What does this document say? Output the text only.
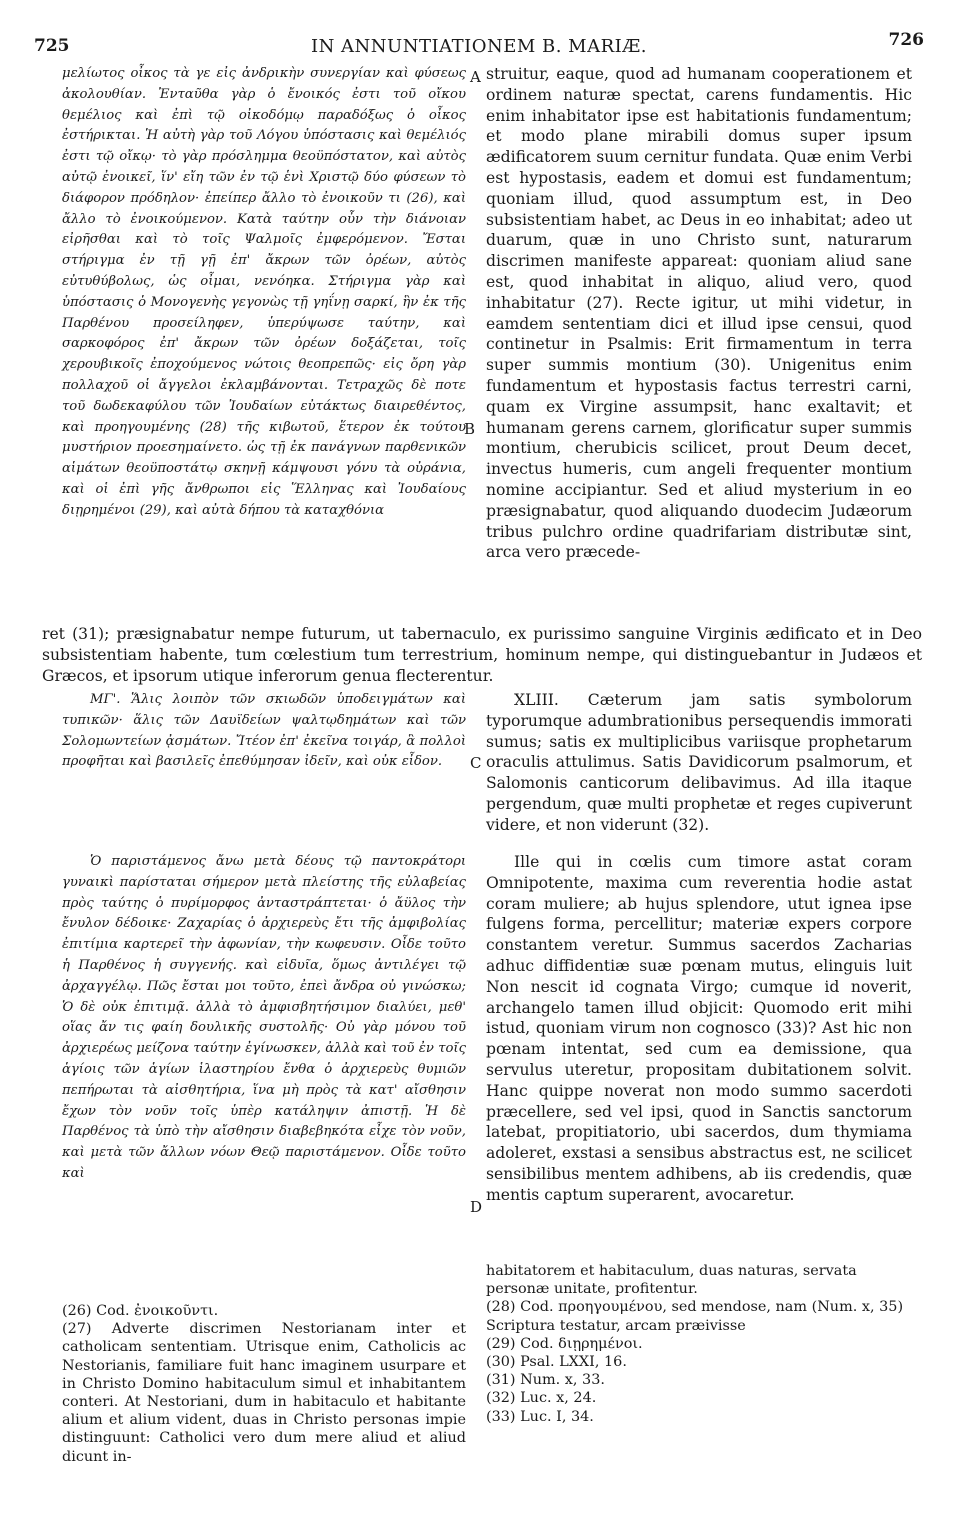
725	IN ANNUNTIATIONEM B. MARIÆ.	726
A
B
C
D
μελίωτος οἶκος τὰ γε εἰς ἀνδρικὴν συνεργίαν καὶ φύσεως ἀκολουθίαν. Ἐνταῦθα γὰρ ὁ ἔνοικός ἐστι τοῦ οἴκου θεμέλιος καὶ ἐπὶ τῷ οἰκοδόμῳ παραδόξως ὁ οἶκος ἐστήρικται. Ἡ αὐτὴ γὰρ τοῦ Λόγου ὑπόστασις καὶ θεμέλιός ἐστι τῷ οἴκῳ· τὸ γὰρ πρόσλημμα θεοϋπόστατον, καὶ αὐτὸς αὐτῷ ἐνοικεῖ, ἵν' εἴη τῶν ἐν τῷ ἑνὶ Χριστῷ δύο φύσεων τὸ διάφορον πρόδηλον· ἐπείπερ ἄλλο τὸ ἐνοικοῦν τι (26), καὶ ἄλλο τὸ ἐνοικούμενον. Κατὰ ταύτην οὖν τὴν διάνοιαν εἰρῆσθαι καὶ τὸ τοῖς Ψαλμοῖς ἐμφερόμενον. Ἔσται στήριγμα ἐν τῇ γῇ ἐπ' ἄκρων τῶν ὀρέων, αὐτὸς εὐτυθύβολως, ὡς οἶμαι, νενόηκα. Στήριγμα γὰρ καὶ ὑπόστασις ὁ Μονογενὴς γεγονὼς τῇ γηΐνῃ σαρκί, ἣν ἐκ τῆς Παρθένου προσείληφεν, ὑπερύψωσε ταύτην, καὶ σαρκοφόρος ἐπ' ἄκρων τῶν ὀρέων δοξάζεται, τοῖς χερουβικοῖς ἐποχούμενος νώτοις θεοπρεπῶς· εἰς ὄρη γὰρ πολλαχοῦ οἱ ἄγγελοι ἐκλαμβάνονται. Τετραχῶς δὲ ποτε τοῦ δωδεκαφύλου τῶν Ἰουδαίων εὐτάκτως διαιρεθέντος, καὶ προηγουμένης (28) τῆς κιβωτοῦ, ἕτερον ἐκ τούτου μυστήριον προεσημαίνετο. ὡς τῇ ἐκ πανάγνων παρθενικῶν αἱμάτων θεοϋποστάτῳ σκηνῇ κάμψουσι γόνυ τὰ οὐράνια, καὶ οἱ ἐπὶ γῆς ἄνθρωποι εἰς Ἕλληνας καὶ Ἰουδαίους διῃρημένοι (29), καὶ αὐτὰ δήπου τὰ καταχθόνια
struitur, eaque, quod ad humanam cooperationem et ordinem naturæ spectat, carens fundamentis. Hic enim inhabitator ipse est habitationis fundamentum; et modo plane mirabili domus super ipsum ædificatorem suum cernitur fundata. Quæ enim Verbi est hypostasis, eadem et domui est fundamentum; quoniam illud, quod assumptum est, in Deo subsistentiam habet, ac Deus in eo inhabitat; adeo ut duarum, quæ in uno Christo sunt, naturarum discrimen manifeste appareat: quoniam aliud sane est, quod inhabitat in aliquo, aliud vero, quod inhabitatur (27). Recte igitur, ut mihi videtur, in eamdem sententiam dici et illud ipse censui, quod continetur in Psalmis: Erit firmamentum in terra super summis montium (30). Unigenitus enim fundamentum et hypostasis factus terrestri carni, quam ex Virgine assumpsit, hanc exaltavit; et humanam gerens carnem, glorificatur super summis montium, cherubicis scilicet, prout Deum decet, invectus humeris, cum angeli frequenter montium nomine accipiantur. Sed et aliud mysterium in eo præsignabatur, quod aliquando duodecim Judæorum tribus pulchro ordine quadrifariam distributæ sint, arca vero præcede-
ret (31); præsignabatur nempe futurum, ut tabernaculo, ex purissimo sanguine Virginis ædificato et in Deo subsistentiam habente, tum cœlestium tum terrestrium, hominum nempe, qui distinguebantur in Judæos et Græcos, et ipsorum utique inferorum genua flecterentur.
ΜΓ'. Ἅλις λοιπὸν τῶν σκιωδῶν ὑποδειγμάτων καὶ τυπικῶν· ἅλις τῶν Δαυϊδείων ψαλτῳδημάτων καὶ τῶν Σολομωντείων ᾀσμάτων. Ἴτέον ἐπ' ἐκεῖνα τοιγάρ, ἃ πολλοὶ προφῆται καὶ βασιλεῖς ἐπεθύμησαν ἰδεῖν, καὶ οὐκ εἶδον.
XLIII. Cæterum jam satis symbolorum typorumque adumbrationibus persequendis immorati sumus; satis ex multiplicibus variisque prophetarum oraculis attulimus. Satis Davidicorum psalmorum, et Salomonis canticorum delibavimus. Ad illa itaque pergendum, quæ multi prophetæ et reges cupiverunt videre, et non viderunt (32).
Ὁ παριστάμενος ἄνω μετὰ δέους τῷ παντοκράτορι γυναικὶ παρίσταται σήμερον μετὰ πλείστης τῆς εὐλαβείας πρὸς ταύτης ὁ πυρίμορφος ἀνταστράπτεται· ὁ ἄϋλος τὴν ἔνυλον δέδοικε· Ζαχαρίας ὁ ἀρχιερεὺς ἔτι τῆς ἀμφιβολίας ἐπιτίμια καρτερεῖ τὴν ἀφωνίαν, τὴν κωφευσιν. Οἶδε τοῦτο ἡ Παρθένος ἡ συγγενής. καὶ εἰδυῖα, ὅμως ἀντιλέγει τῷ ἀρχαγγέλῳ. Πῶς ἔσται μοι τοῦτο, ἐπεὶ ἄνδρα οὐ γινώσκω; Ὁ δὲ οὐκ ἐπιτιμᾷ. ἀλλὰ τὸ ἀμφισβητήσιμον διαλύει, μεθ' οἵας ἄν τις φαίη δουλικῆς συστολῆς· Οὐ γὰρ μόνου τοῦ ἀρχιερέως μείζονα ταύτην ἐγίνωσκεν, ἀλλὰ καὶ τοῦ ἐν τοῖς ἁγίοις τῶν ἁγίων ἱλαστηρίου ἔνθα ὁ ἀρχιερεὺς θυμιῶν πεπήρωται τὰ αἰσθητήρια, ἵνα μὴ πρὸς τὰ κατ' αἴσθησιν ἔχων τὸν νοῦν τοῖς ὑπὲρ κατάληψιν ἀπιστῇ. Ἡ δὲ Παρθένος τὰ ὑπὸ τὴν αἴσθησιν διαβεβηκότα εἶχε τὸν νοῦν, καὶ μετὰ τῶν ἄλλων νόων Θεῷ παριστάμενον. Οἶδε τοῦτο καὶ
Ille qui in cœlis cum timore astat coram Omnipotente, maxima cum reverentia hodie astat coram muliere; ab hujus splendore, utut ignea ipse fulgens forma, percellitur; materiæ expers corpore constantem veretur. Summus sacerdos Zacharias adhuc diffidentiæ suæ pœnam mutus, elinguis luit Non nescit id cognata Virgo; cumque id noverit, archangelo tamen illud objicit: Quomodo erit mihi istud, quoniam virum non cognosco (33)? Ast hic non pœnam intentat, sed cum ea demissione, qua servulus uteretur, propositam dubitationem solvit. Hanc quippe noverat non modo summo sacerdoti præcellere, sed vel ipsi, quod in Sanctis sanctorum latebat, propitiatorio, ubi sacerdos, dum thymiama adoleret, exstasi a sensibus abstractus est, ne scilicet sensibilibus mentem adhibens, ab iis credendis, quæ mentis captum superarent, avocaretur.

(26) Cod. ἐνοικοῦντι.

(27) Adverte discrimen Nestorianam inter et catholicam sententiam. Utrisque enim, Catholicis ac Nestorianis, familiare fuit hanc imaginem usurpare et in Christo Domino habitaculum simul et inhabitantem conteri. At Nestoriani, dum in habitaculo et habitante alium et alium vident, duas in Christo personas impie distinguunt: Catholici vero dum mere aliud et aliud dicunt in-

habitatorem et habitaculum, duas naturas, servata personæ unitate, profitentur.

(28) Cod. προηγουμένου, sed mendose, nam (Num. x, 35) Scriptura testatur, arcam præivisse

(29) Cod. διῃρημένοι.

(30) Psal. LXXI, 16.

(31) Num. x, 33.

(32) Luc. x, 24.

(33) Luc. I, 34.
